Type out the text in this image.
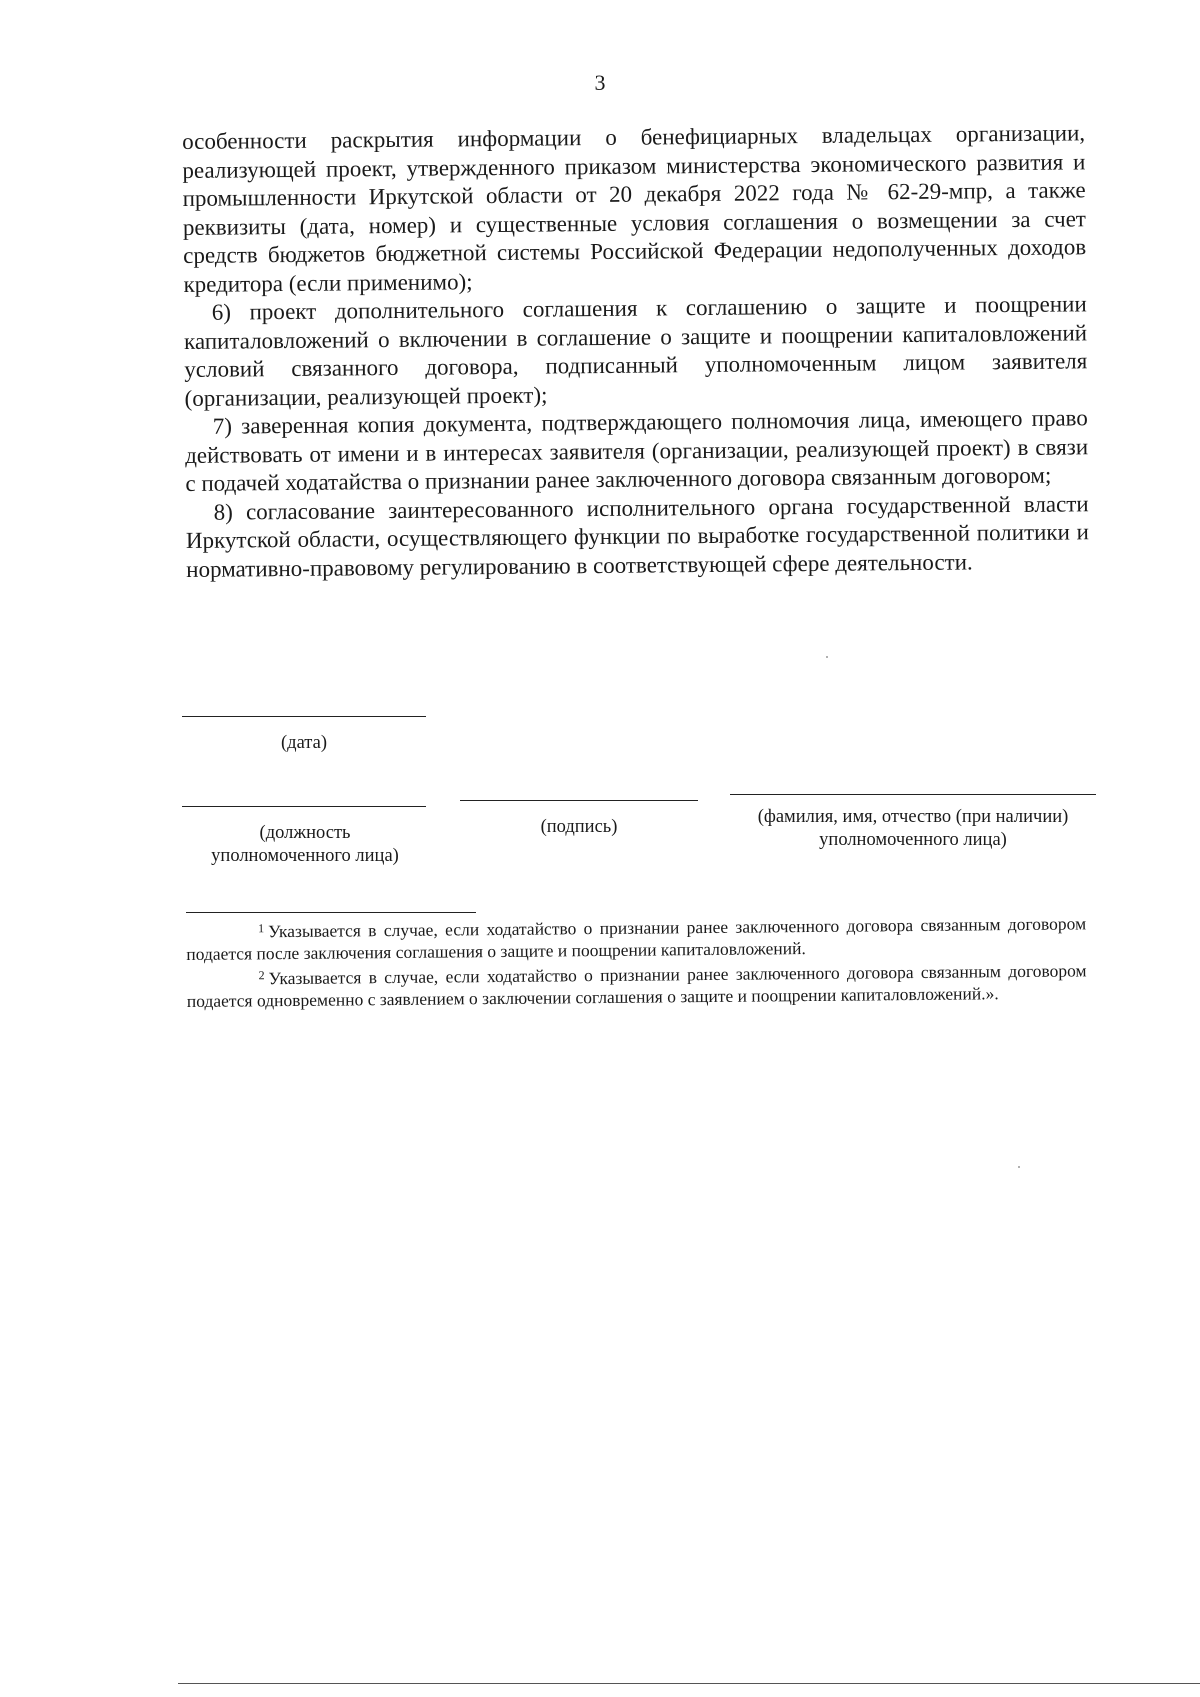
3

особенности раскрытия информации о бенефициарных владельцах организации, реализующей проект, утвержденного приказом министерства экономического развития и промышленности Иркутской области от 20 декабря 2022 года № 62-29-мпр, а также реквизиты (дата, номер) и существенные условия соглашения о возмещении за счет средств бюджетов бюджетной системы Российской Федерации недополученных доходов кредитора (если применимо);

6) проект дополнительного соглашения к соглашению о защите и поощрении капиталовложений о включении в соглашение о защите и поощрении капиталовложений условий связанного договора, подписанный уполномоченным лицом заявителя (организации, реализующей проект);

7) заверенная копия документа, подтверждающего полномочия лица, имеющего право действовать от имени и в интересах заявителя (организации, реализующей проект) в связи с подачей ходатайства о признании ранее заключенного договора связанным договором;

8) согласование заинтересованного исполнительного органа государственной власти Иркутской области, осуществляющего функции по выработке государственной политики и нормативно-правовому регулированию в соответствующей сфере деятельности.

(дата)
(должность уполномоченного лица)
(подпись)	(фамилия, имя, отчество (при наличии) уполномоченного лица)

$^1$ Указывается в случае, если ходатайство о признании ранее заключенного договора связанным договором подается после заключения соглашения о защите и поощрении капиталовложений.

$^2$ Указывается в случае, если ходатайство о признании ранее заключенного договора связанным договором подается одновременно с заявлением о заключении соглашения о защите и поощрении капиталовложений.».
